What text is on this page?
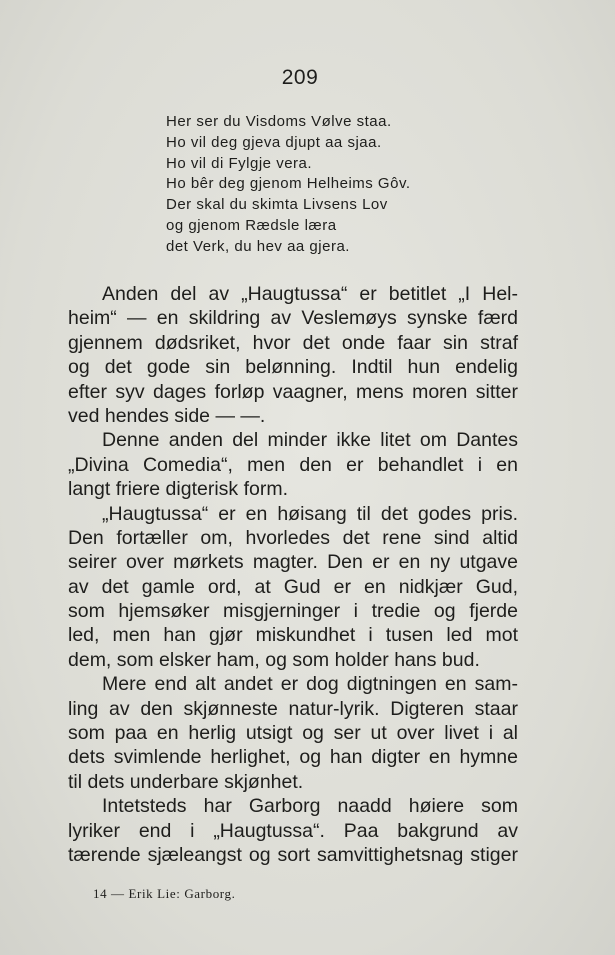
209
Her ser du Visdoms Vølve staa.
Ho vil deg gjeva djupt aa sjaa.
Ho vil di Fylgje vera.
Ho bêr deg gjenom Helheims Gôv.
Der skal du skimta Livsens Lov
og gjenom Rædsle læra
det Verk, du hev aa gjera.
Anden del av „Haugtussa“ er betitlet „I Hel-
heim“ — en skildring av Veslemøys synske færd
gjennem dødsriket, hvor det onde faar sin straf
og det gode sin belønning. Indtil hun endelig
efter syv dages forløp vaagner, mens moren sitter
ved hendes side — —.
Denne anden del minder ikke litet om Dantes
„Divina Comedia“, men den er behandlet i en
langt friere digterisk form.
„Haugtussa“ er en høisang til det godes pris.
Den fortæller om, hvorledes det rene sind altid
seirer over mørkets magter. Den er en ny utgave
av det gamle ord, at Gud er en nidkjær Gud,
som hjemsøker misgjerninger i tredie og fjerde
led, men han gjør miskundhet i tusen led mot
dem, som elsker ham, og som holder hans bud.
Mere end alt andet er dog digtningen en sam-
ling av den skjønneste natur-lyrik. Digteren staar
som paa en herlig utsigt og ser ut over livet i al
dets svimlende herlighet, og han digter en hymne
til dets underbare skjønhet.
Intetsteds har Garborg naadd høiere som
lyriker end i „Haugtussa“. Paa bakgrund av
tærende sjæleangst og sort samvittighetsnag stiger
14 — Erik Lie: Garborg.
